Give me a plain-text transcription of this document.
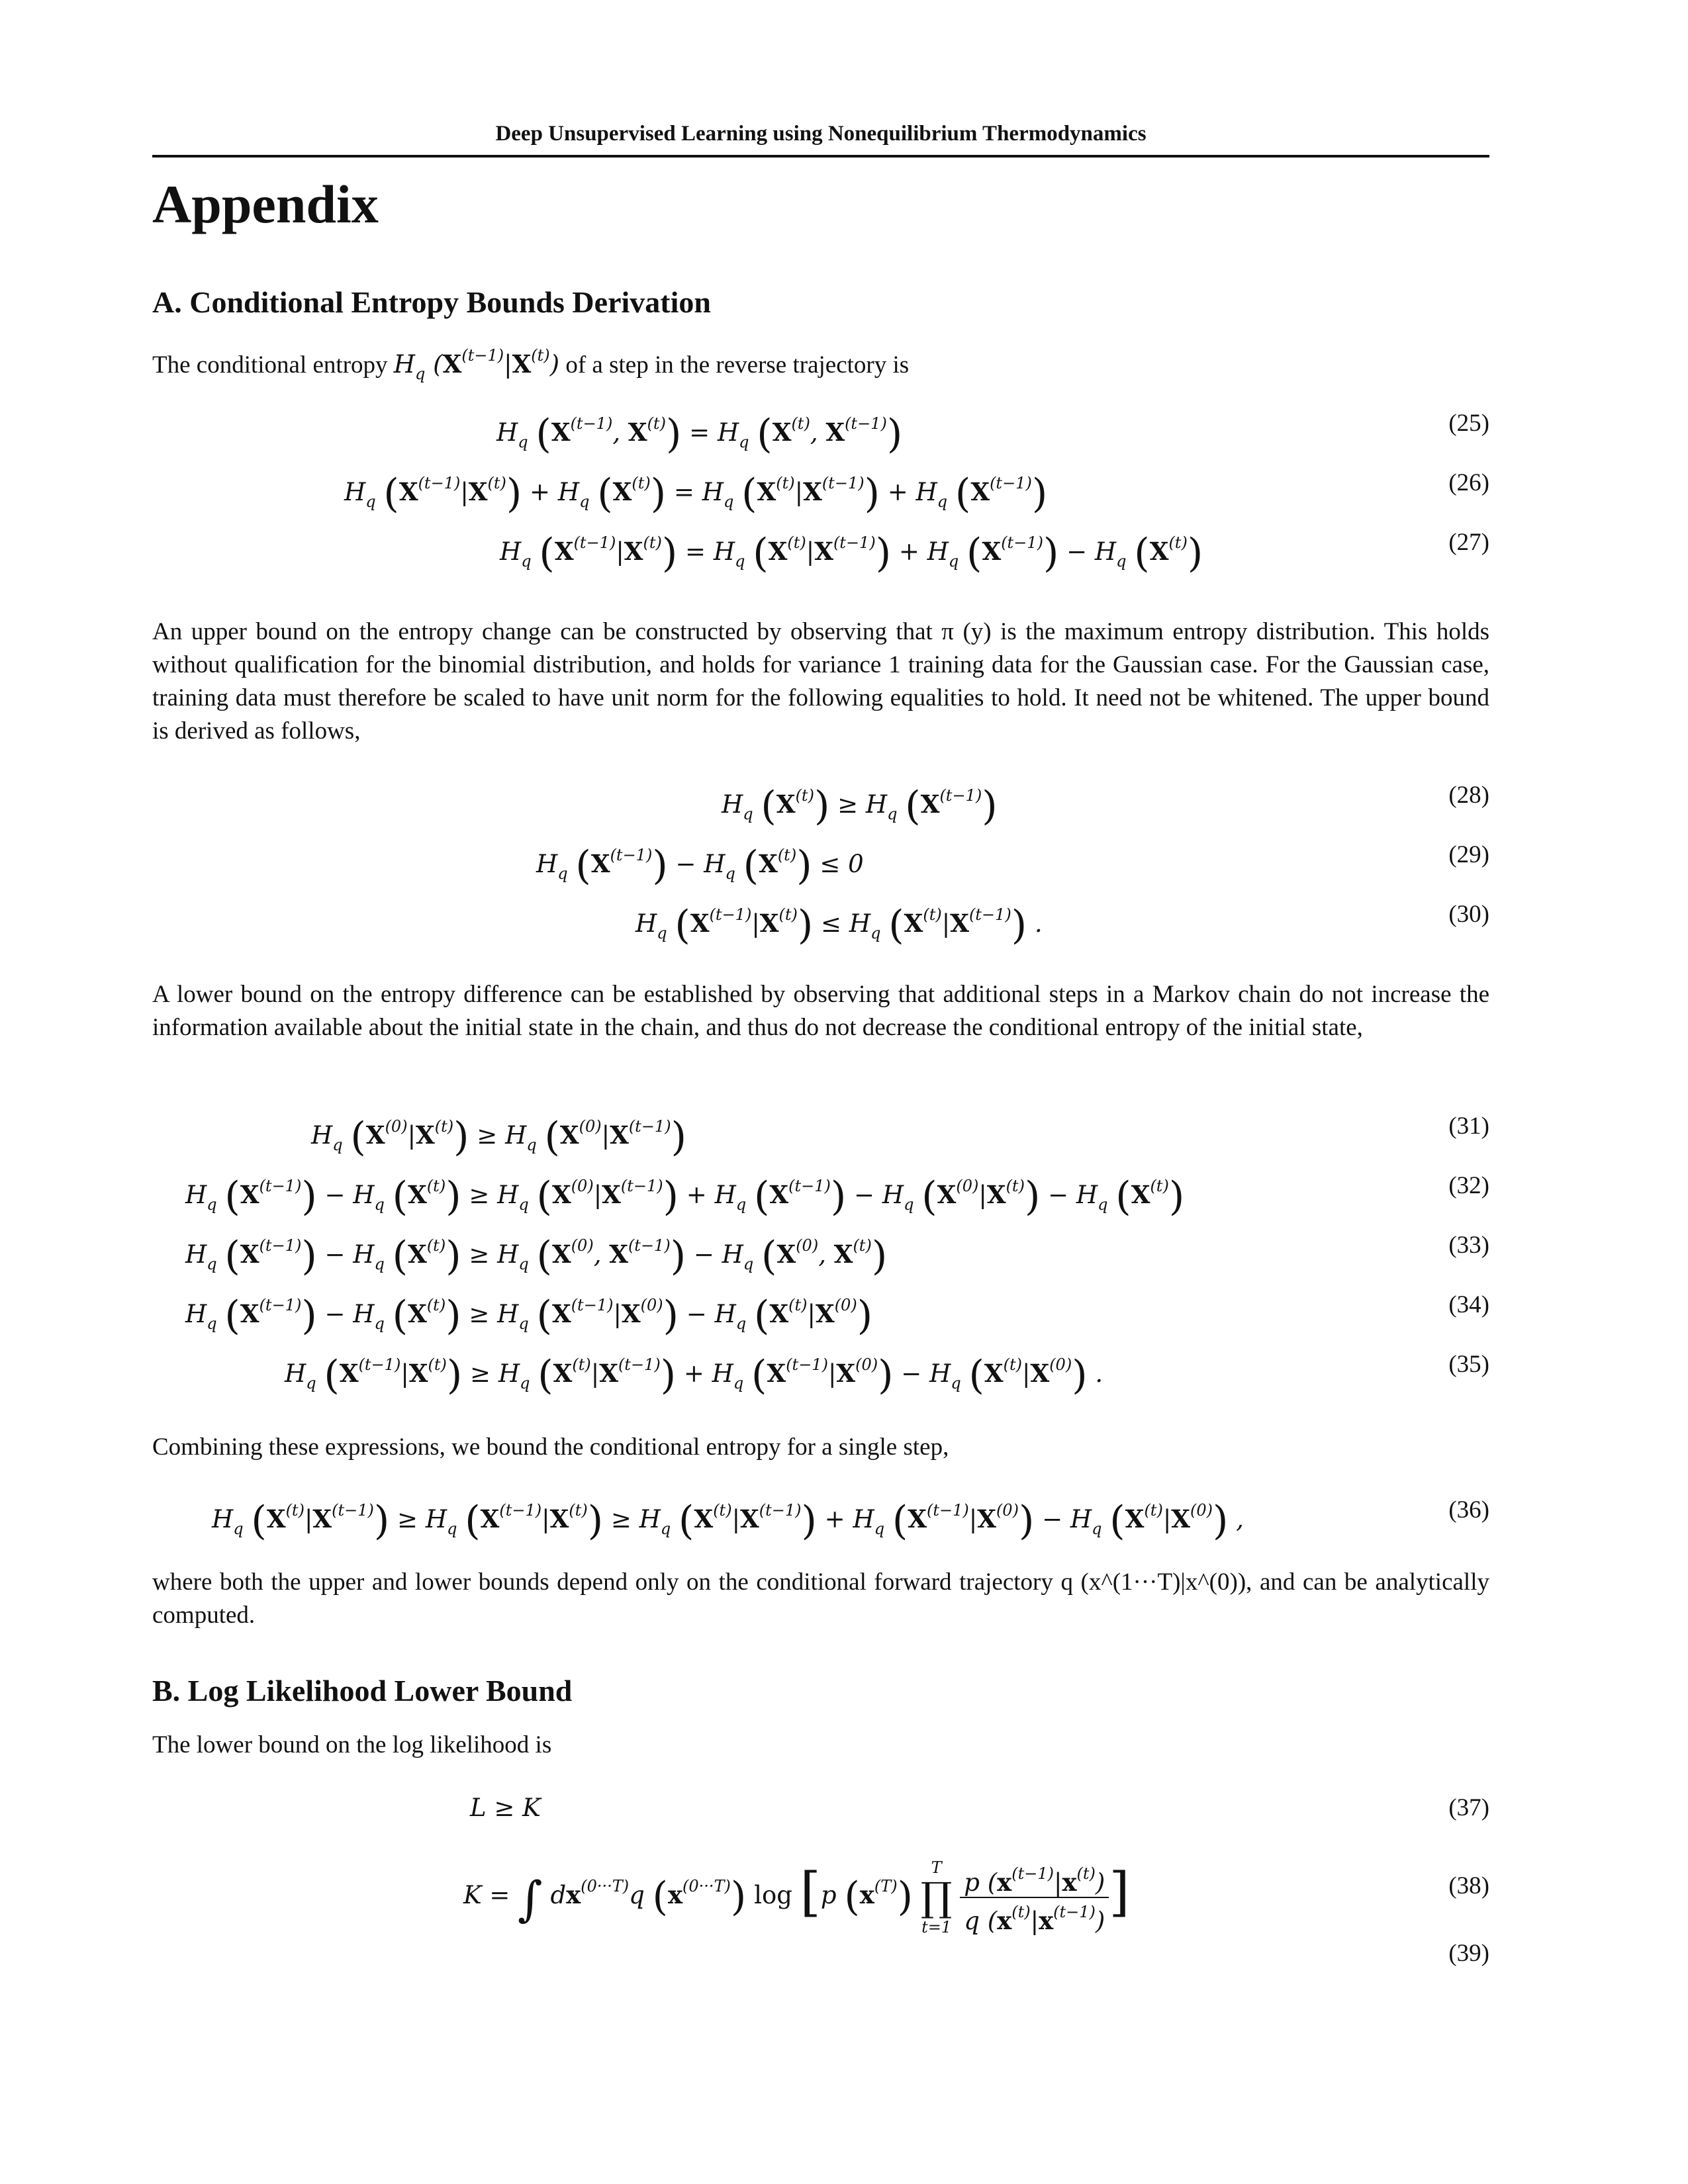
Deep Unsupervised Learning using Nonequilibrium Thermodynamics
Appendix
A. Conditional Entropy Bounds Derivation

The conditional entropy $H_q$ $(X^{(t-1)}|X^{(t)})$ of a step in the reverse trajectory is

$H_q$ ($X^{(t-1)}$, $X^{(t)}) = H_q$ ($X^{(t)}$, $X^{(t-1)}$)	(25)
$H_q$ $(X^{(t-1)}|X^{(t)}) + H_q$ $(X^{(t)}) = H_q$ $(X^{(t)}|X^{(t-1)}) + H_q$ $(X^{(t-1)})$	(26)
$H_q$ $(X^{(t-1)}|X^{(t)}) = H_q$ $(X^{(t)}|X^{(t-1)}) + H_q$ $(X^{(t-1)}) - H_q$ $(X^{(t)})$	(27)

An upper bound on the entropy change can be constructed by observing that π (y) is the maximum entropy distribution. This holds without qualification for the binomial distribution, and holds for variance 1 training data for the Gaussian case. For the Gaussian case, training data must therefore be scaled to have unit norm for the following equalities to hold. It need not be whitened. The upper bound is derived as follows,

$H_q$ $(X^{(t)}) \ge H_q$ $(X^{(t-1)})$	(28)
$H_q$ $(X^{(t-1)}) - H_q$ $(X^{(t)}) \le 0$	(29)
$H_q$ $(X^{(t-1)}|X^{(t)}) \le H_q$ $(X^{(t)}|X^{(t-1)})$ .	(30)

A lower bound on the entropy difference can be established by observing that additional steps in a Markov chain do not increase the information available about the initial state in the chain, and thus do not decrease the conditional entropy of the initial state,

$H_q$ $(X^{(0)}|X^{(t)}) \ge H_q$ $(X^{(0)}|X^{(t-1)})$	(31)
$H_q$ $(X^{(t-1)}) - H_q$ $(X^{(t)}) \ge H_q$ $(X^{(0)}|X^{(t-1)}) + H_q$ $(X^{(t-1)}) - H_q$ $(X^{(0)}|X^{(t)}) - H_q$ $(X^{(t)})$	(32)
$H_q$ $(X^{(t-1)}) - H_q$ $(X^{(t)}) \ge H_q$ ($X^{(0)}$, $X^{(t-1)}) - H_q$ ($X^{(0)}$, $X^{(t)}$)	(33)
$H_q$ $(X^{(t-1)}) - H_q$ $(X^{(t)}) \ge H_q$ $(X^{(t-1)}|X^{(0)}) - H_q$ $(X^{(t)}|X^{(0)})$	(34)
$H_q$ $(X^{(t-1)}|X^{(t)}) \ge H_q$ $(X^{(t)}|X^{(t-1)}) + H_q$ $(X^{(t-1)}|X^{(0)}) - H_q$ $(X^{(t)}|X^{(0)})$ .	(35)

Combining these expressions, we bound the conditional entropy for a single step,

$H_q$ $(X^{(t)}|X^{(t-1)}) \ge H_q$ $(X^{(t-1)}|X^{(t)}) \ge H_q$ $(X^{(t)}|X^{(t-1)}) + H_q$ $(X^{(t-1)}|X^{(0)}) - H_q$ $(X^{(t)}|X^{(0)})$ ,	(36)

where both the upper and lower bounds depend only on the conditional forward trajectory q (x^(1···T)|x^(0)), and can be analytically computed.

B. Log Likelihood Lower Bound

The lower bound on the log likelihood is

L ≥ K	(37)
K = ∫ $dx^{(0\cdot\cdot\cdot T)}q$ $(x^{(0\cdot\cdot\cdot T)})$ log [p $(x^{(T)})$
T
∏
t=1
$\frac{p (x^{(t-1)}|x^{(t)})}{q (x^{(t)}|x^{(t-1)})}$ ]	(38)
(39)
